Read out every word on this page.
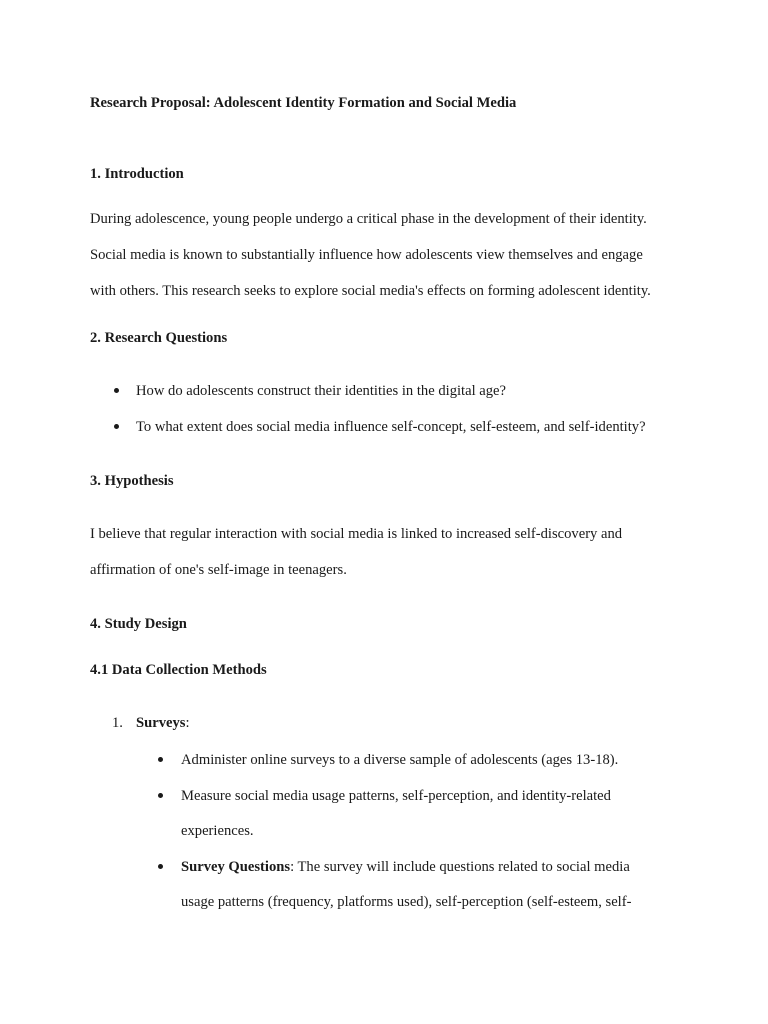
Research Proposal: Adolescent Identity Formation and Social Media
1. Introduction
During adolescence, young people undergo a critical phase in the development of their identity.
Social media is known to substantially influence how adolescents view themselves and engage
with others. This research seeks to explore social media's effects on forming adolescent identity.
2. Research Questions
How do adolescents construct their identities in the digital age?
To what extent does social media influence self-concept, self-esteem, and self-identity?
3. Hypothesis
I believe that regular interaction with social media is linked to increased self-discovery and
affirmation of one's self-image in teenagers.
4. Study Design
4.1 Data Collection Methods
1. Surveys:
Administer online surveys to a diverse sample of adolescents (ages 13-18).
Measure social media usage patterns, self-perception, and identity-related
experiences.
Survey Questions: The survey will include questions related to social media
usage patterns (frequency, platforms used), self-perception (self-esteem, self-
